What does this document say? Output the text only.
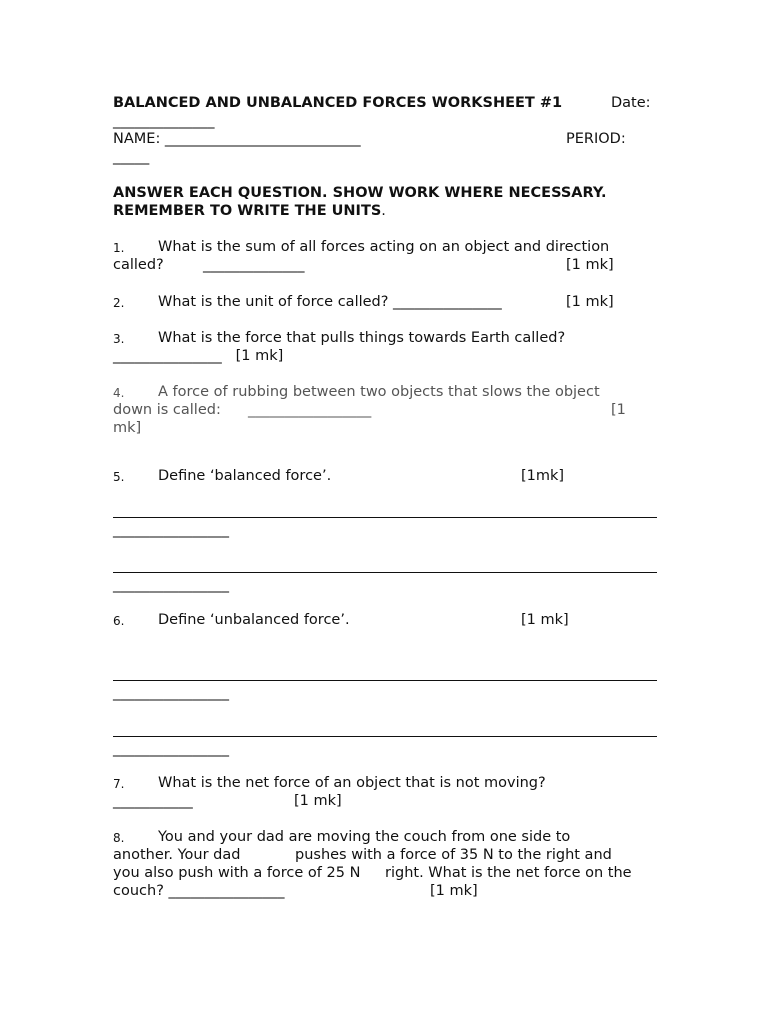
BALANCED AND UNBALANCED FORCES WORKSHEET #1	Date:
______________
NAME: ___________________________	PERIOD:
_____
ANSWER EACH QUESTION. SHOW WORK WHERE NECESSARY.
REMEMBER TO WRITE THE UNITS.
1. What is the sum of all forces acting on an object and direction
called?	______________	[1 mk]
2. What is the unit of force called? _______________	[1 mk]
3. What is the force that pulls things towards Earth called?
_______________   [1 mk]
4. A force of rubbing between two objects that slows the object
down is called: _________________	[1
mk]
5. Define ‘balanced force’.	[1mk]
________________
________________
6. Define ‘unbalanced force’.	[1 mk]
________________
________________
7. What is the net force of an object that is not moving?
___________	[1 mk]
8. You and your dad are moving the couch from one side to
another. Your dad	pushes with a force of 35 N to the right and
you also push with a force of 25 N right. What is the net force on the
couch? ________________	[1 mk]
